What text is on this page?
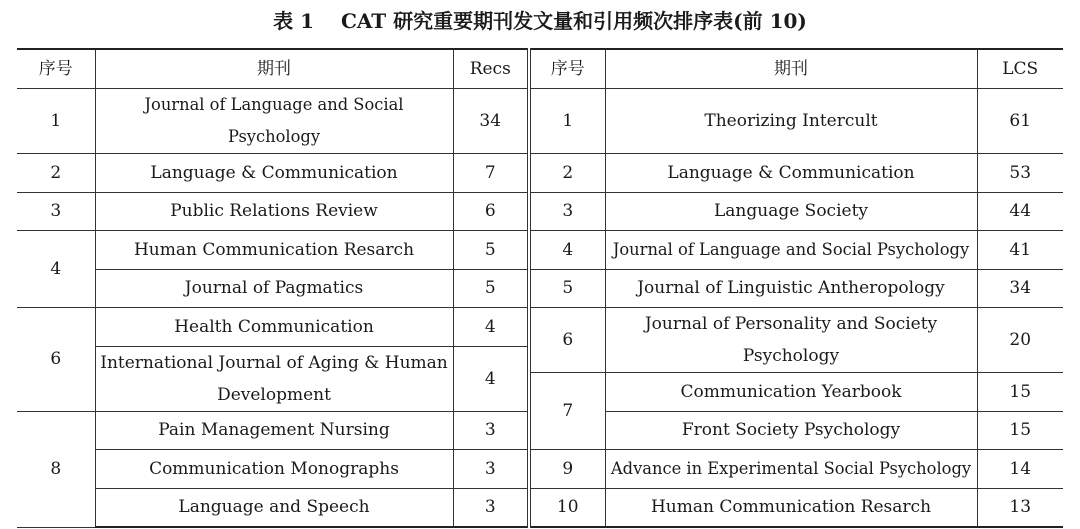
表 1　 CAT 研究重要期刊发文量和引用频次排序表(前 10)
序号	期刊	Recs	序号	期刊	LCS
1	Journal of Language and Social Psychology	34	1	Theorizing Intercult	61
2	Language & Communication	7	2	Language & Communication	53
3	Public Relations Review	6	3	Language Society	44
4	Human Communication Resarch	5	4	Journal of Language and Social Psychology	41
	Journal of Pagmatics	5	5	Journal of Linguistic Antheropology	34
6	Health Communication	4	6	Journal of Personality and Society Psychology	20
	International Journal of Aging & Human Development	4			
			7	Communication Yearbook	15
8	Pain Management Nursing	3		Front Society Psychology	15
	Communication Monographs	3	9	Advance in Experimental Social Psychology	14
	Language and Speech	3	10	Human Communication Resarch	13
